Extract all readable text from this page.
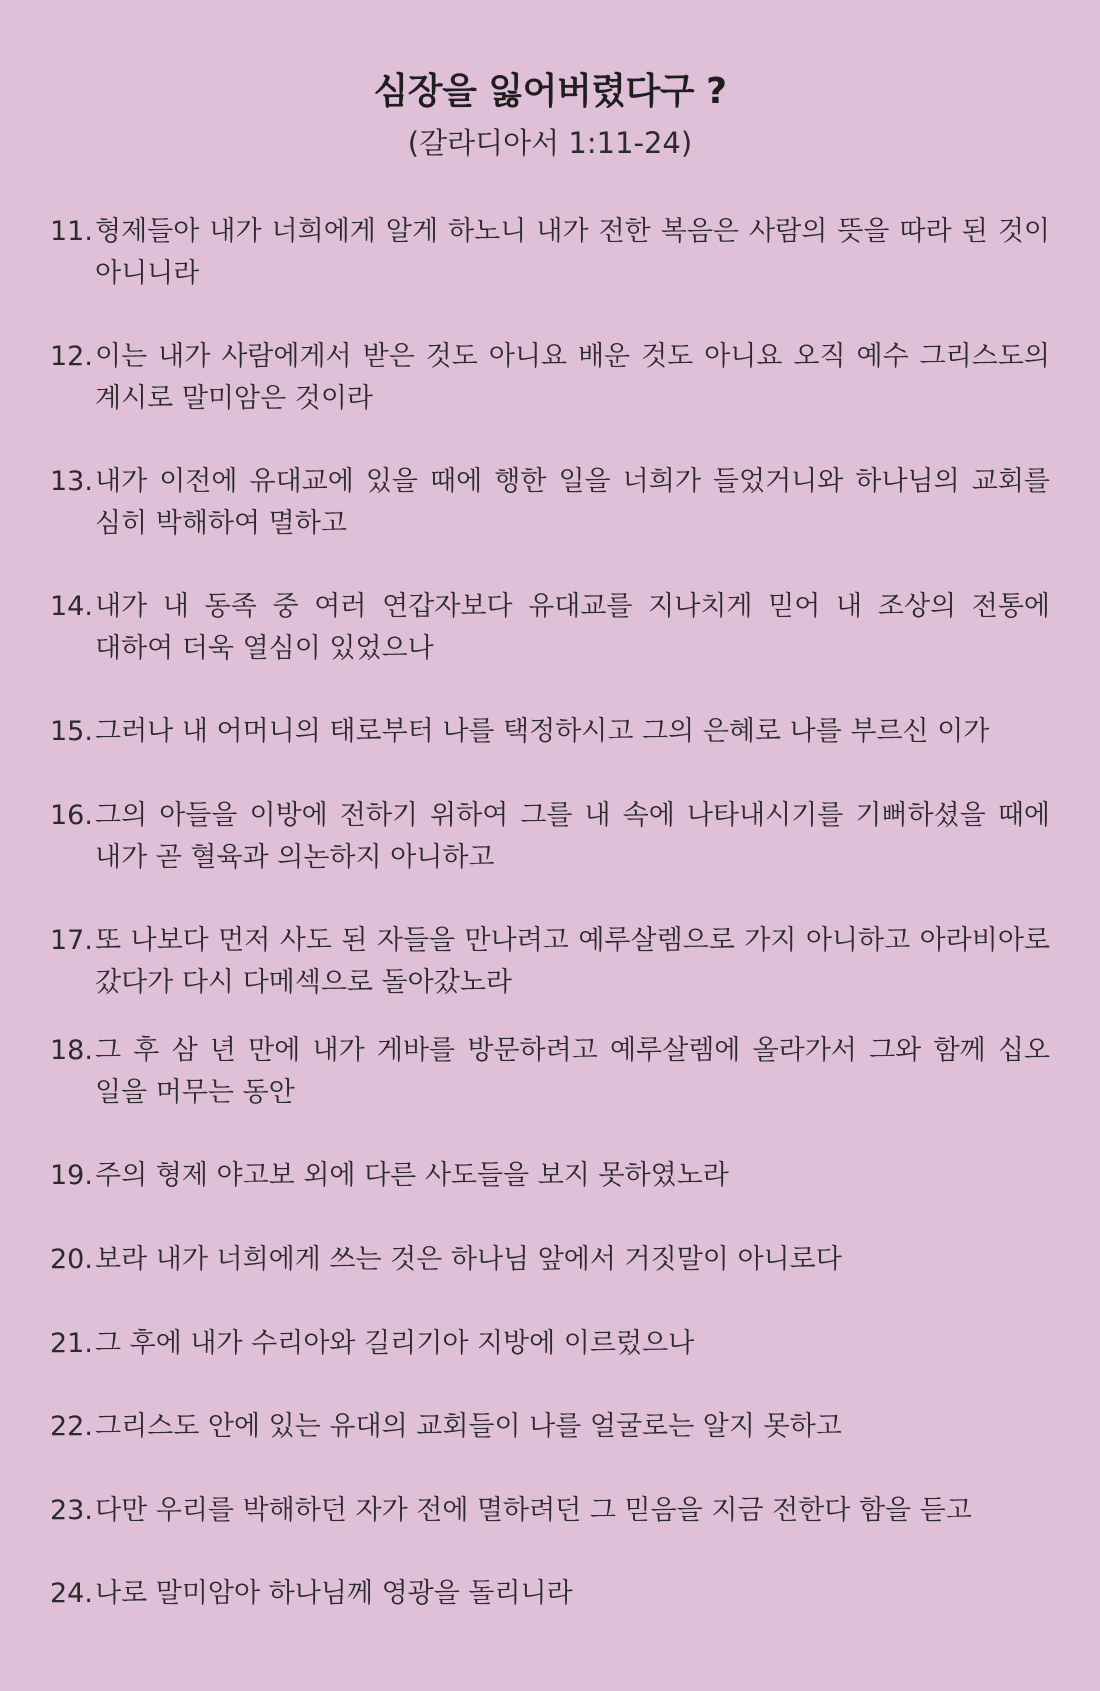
심장을 잃어버렸다구 ?
(갈라디아서 1:11-24)
11. 형제들아 내가 너희에게 알게 하노니 내가 전한 복음은 사람의 뜻을 따라 된 것이 아니니라
12. 이는 내가 사람에게서 받은 것도 아니요 배운 것도 아니요 오직 예수 그리스도의 계시로 말미암은 것이라
13. 내가 이전에 유대교에 있을 때에 행한 일을 너희가 들었거니와 하나님의 교회를 심히 박해하여 멸하고
14. 내가 내 동족 중 여러 연갑자보다 유대교를 지나치게 믿어 내 조상의 전통에 대하여 더욱 열심이 있었으나
15. 그러나 내 어머니의 태로부터 나를 택정하시고 그의 은혜로 나를 부르신 이가
16. 그의 아들을 이방에 전하기 위하여 그를 내 속에 나타내시기를 기뻐하셨을 때에 내가 곧 혈육과 의논하지 아니하고
17. 또 나보다 먼저 사도 된 자들을 만나려고 예루살렘으로 가지 아니하고 아라비아로 갔다가 다시 다메섹으로 돌아갔노라
18. 그 후 삼 년 만에 내가 게바를 방문하려고 예루살렘에 올라가서 그와 함께 십오 일을 머무는 동안
19. 주의 형제 야고보 외에 다른 사도들을 보지 못하였노라
20. 보라 내가 너희에게 쓰는 것은 하나님 앞에서 거짓말이 아니로다
21. 그 후에 내가 수리아와 길리기아 지방에 이르렀으나
22. 그리스도 안에 있는 유대의 교회들이 나를 얼굴로는 알지 못하고
23. 다만 우리를 박해하던 자가 전에 멸하려던 그 믿음을 지금 전한다 함을 듣고
24. 나로 말미암아 하나님께 영광을 돌리니라
